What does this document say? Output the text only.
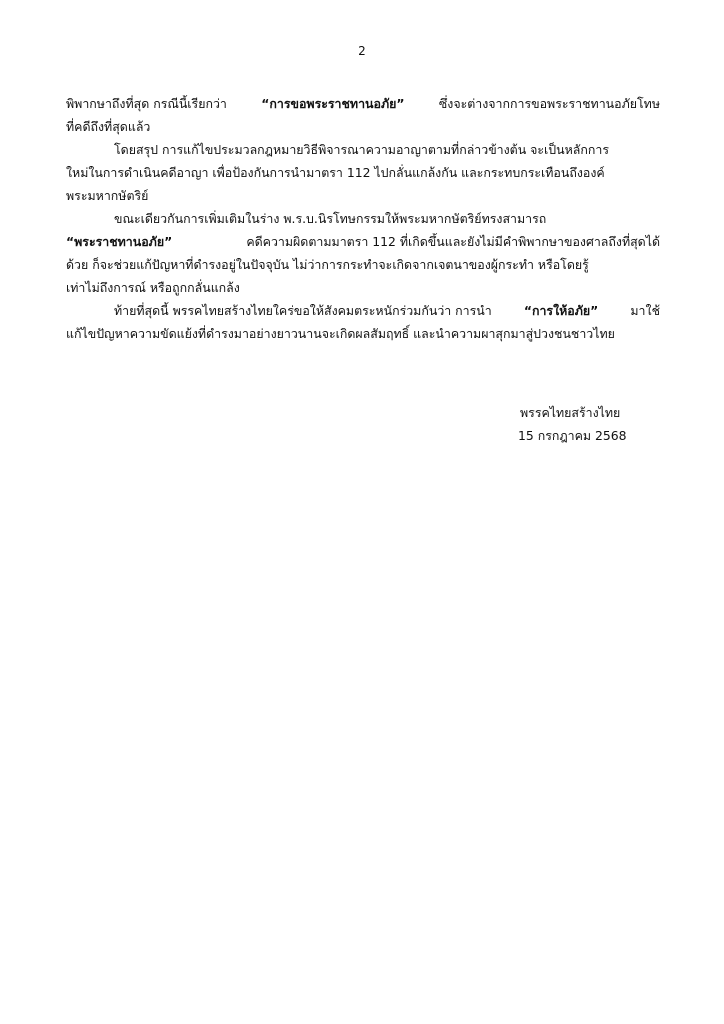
2
พิพากษาถึงที่สุด กรณีนี้เรียกว่า	“การขอพระราชทานอภัย”	ซึ่งจะต่างจากการขอพระราชทานอภัยโทษ
ที่คดีถึงที่สุดแล้ว
โดยสรุป การแก้ไขประมวลกฎหมายวิธีพิจารณาความอาญาตามที่กล่าวข้างต้น จะเป็นหลักการ
ใหม่ในการดำเนินคดีอาญา เพื่อป้องกันการนำมาตรา 112 ไปกลั่นแกล้งกัน และกระทบกระเทือนถึงองค์
พระมหากษัตริย์
ขณะเดียวกันการเพิ่มเติมในร่าง พ.ร.บ.นิรโทษกรรมให้พระมหากษัตริย์ทรงสามารถ
“พระราชทานอภัย”	คดีความผิดตามมาตรา 112 ที่เกิดขึ้นและยังไม่มีคำพิพากษาของศาลถึงที่สุดได้
ด้วย ก็จะช่วยแก้ปัญหาที่ดำรงอยู่ในปัจจุบัน ไม่ว่าการกระทำจะเกิดจากเจตนาของผู้กระทำ หรือโดยรู้
เท่าไม่ถึงการณ์ หรือถูกกลั่นแกล้ง
ท้ายที่สุดนี้ พรรคไทยสร้างไทยใคร่ขอให้สังคมตระหนักร่วมกันว่า การนำ	“การให้อภัย”	มาใช้
แก้ไขปัญหาความขัดแย้งที่ดำรงมาอย่างยาวนานจะเกิดผลสัมฤทธิ์ และนำความผาสุกมาสู่ปวงชนชาวไทย
พรรคไทยสร้างไทย
15 กรกฎาคม 2568
